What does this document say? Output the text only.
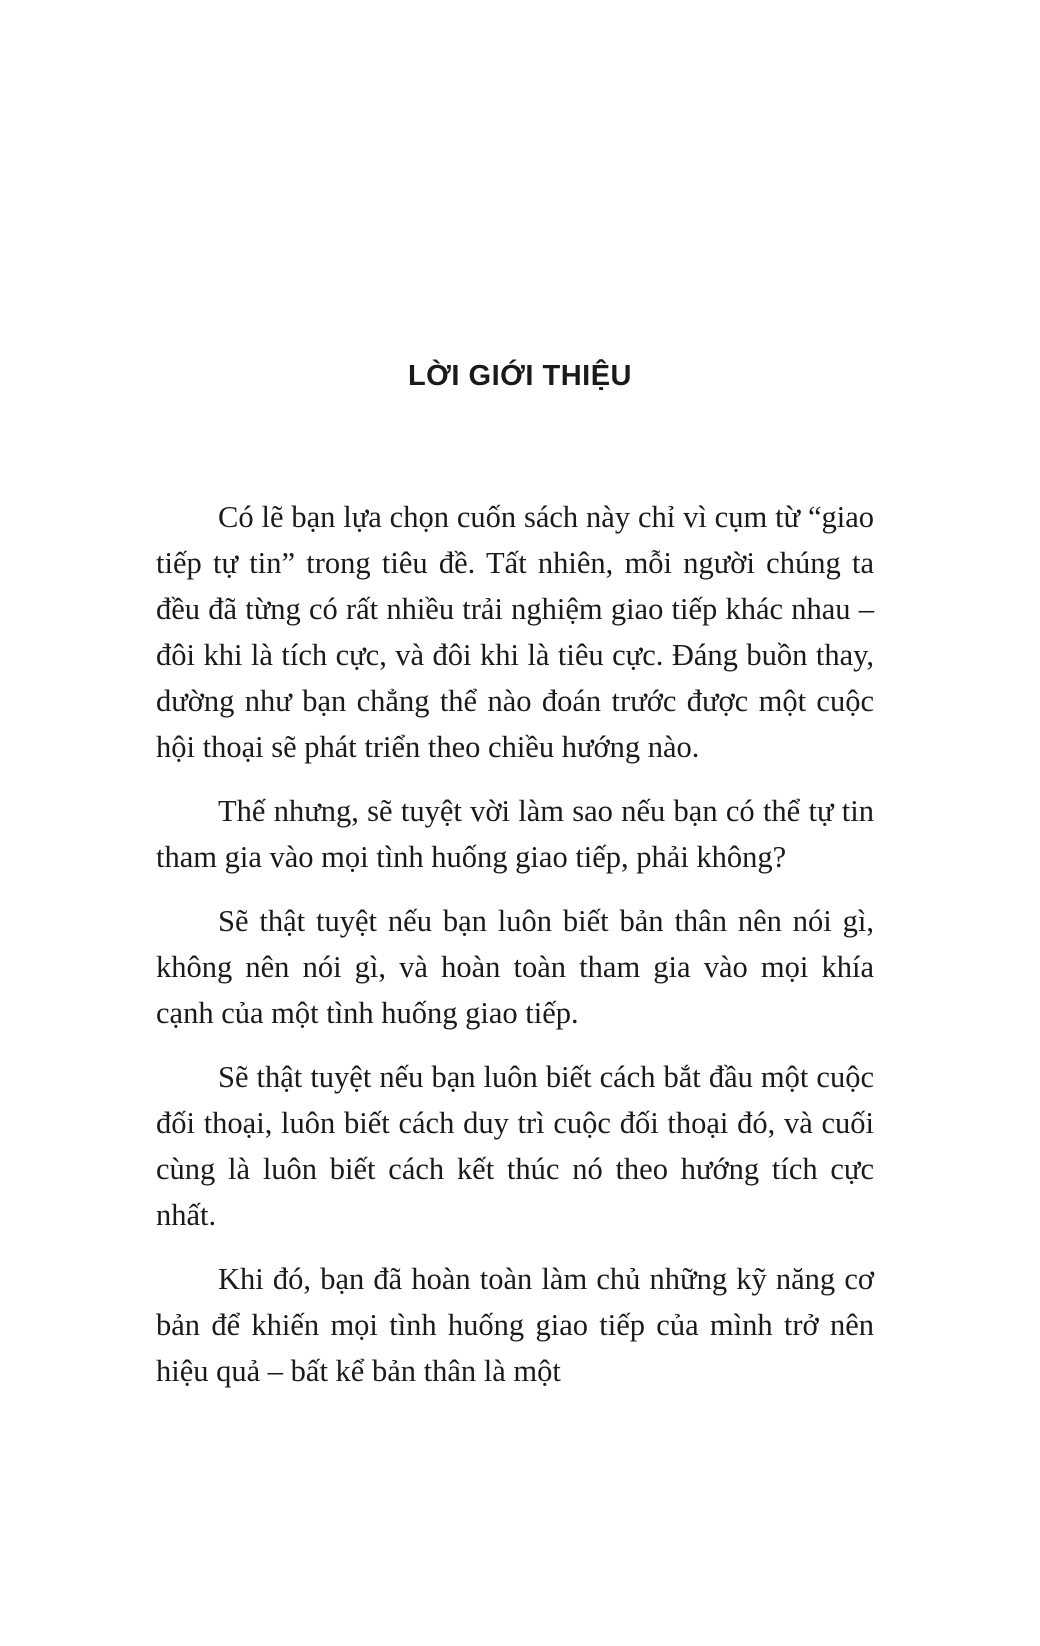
LỜI GIỚI THIỆU

Có lẽ bạn lựa chọn cuốn sách này chỉ vì cụm từ “giao tiếp tự tin” trong tiêu đề. Tất nhiên, mỗi người chúng ta đều đã từng có rất nhiều trải nghiệm giao tiếp khác nhau – đôi khi là tích cực, và đôi khi là tiêu cực. Đáng buồn thay, dường như bạn chẳng thể nào đoán trước được một cuộc hội thoại sẽ phát triển theo chiều hướng nào.

Thế nhưng, sẽ tuyệt vời làm sao nếu bạn có thể tự tin tham gia vào mọi tình huống giao tiếp, phải không?

Sẽ thật tuyệt nếu bạn luôn biết bản thân nên nói gì, không nên nói gì, và hoàn toàn tham gia vào mọi khía cạnh của một tình huống giao tiếp.

Sẽ thật tuyệt nếu bạn luôn biết cách bắt đầu một cuộc đối thoại, luôn biết cách duy trì cuộc đối thoại đó, và cuối cùng là luôn biết cách kết thúc nó theo hướng tích cực nhất.

Khi đó, bạn đã hoàn toàn làm chủ những kỹ năng cơ bản để khiến mọi tình huống giao tiếp của mình trở nên hiệu quả – bất kể bản thân là một
